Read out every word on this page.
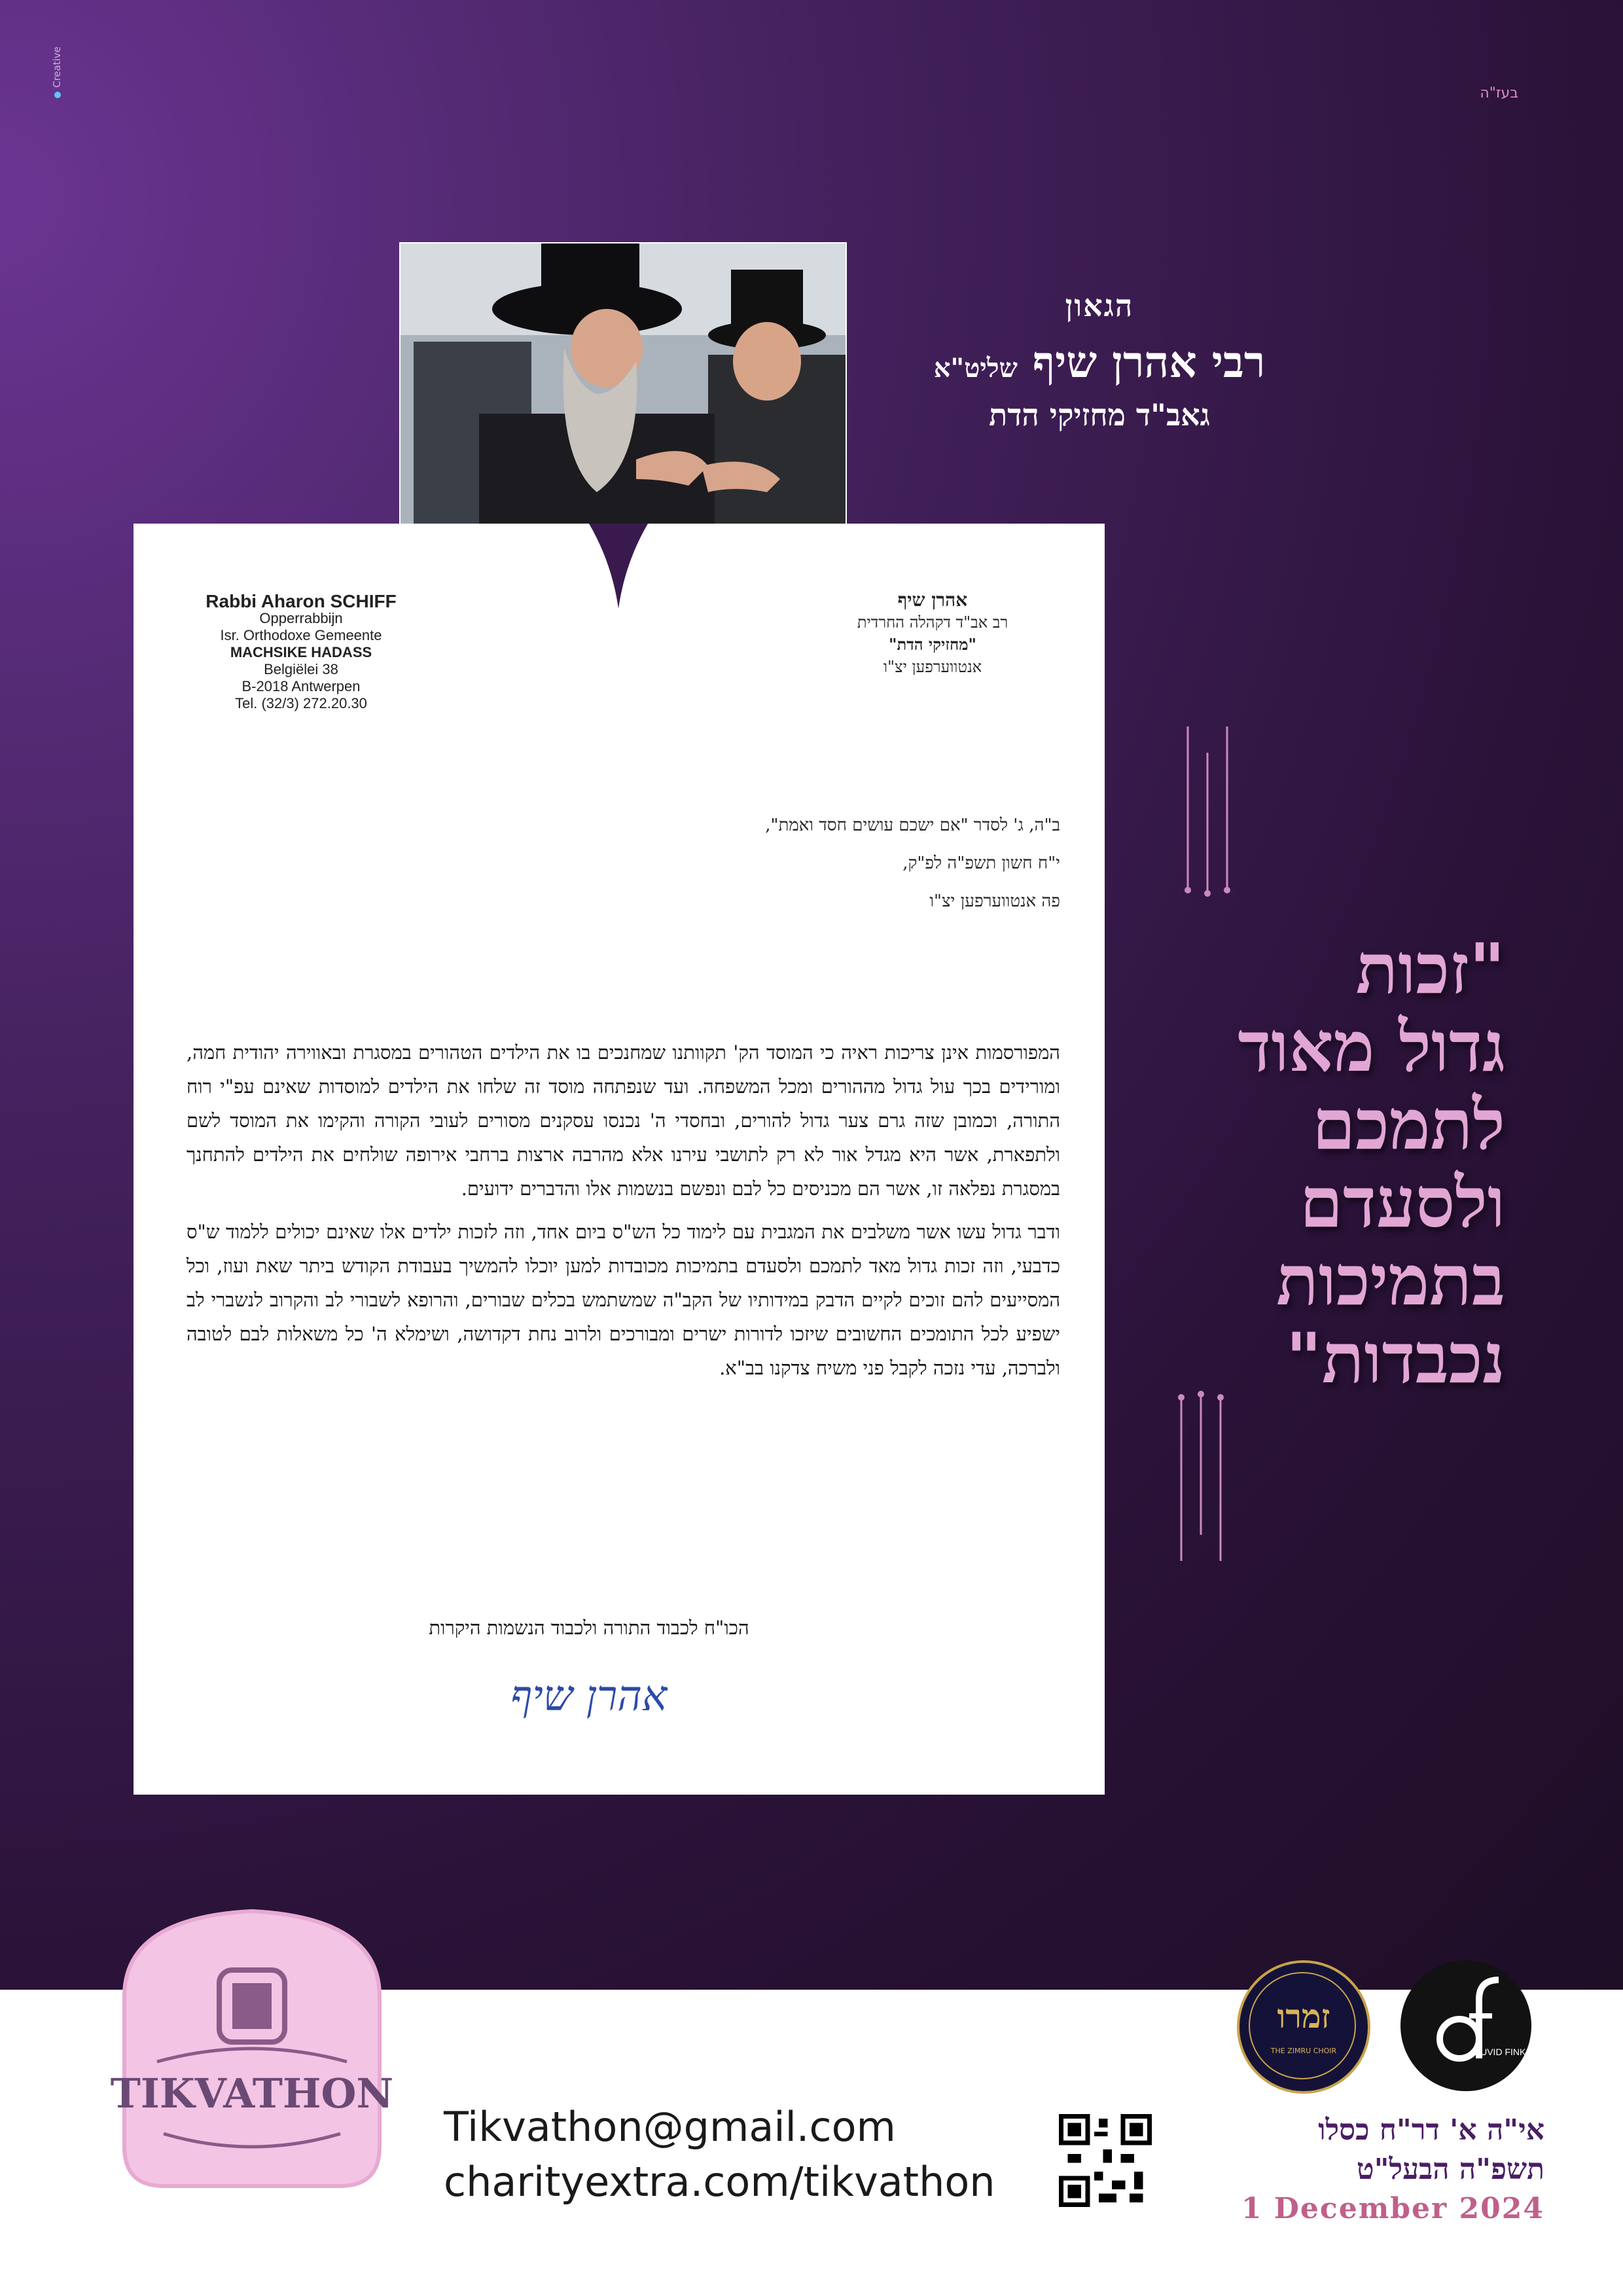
בעז"ה
Creative
הגאון
רבי אהרן שיף שליט"א
גאב"ד מחזיקי הדת
Rabbi Aharon SCHIFF
Opperrabbijn
Isr. Orthodoxe Gemeente
MACHSIKE HADASS
Belgiëlei 38
B-2018 Antwerpen
Tel. (32/3) 272.20.30
אהרן שיף
רב אב"ד דקהלה החרדית
"מחזיקי הדת"
אנטווערפען יצ"ו
ב"ה, ג' לסדר "אם ישכם עושים חסד ואמת",
י"ח חשון תשפ"ה לפ"ק,
פה אנטווערפען יצ"ו

המפורסמות אינן צריכות ראיה כי המוסד הק' תקוותנו שמחנכים בו את הילדים הטהורים במסגרת ובאווירה יהודית חמה, ומורידים בכך עול גדול מההורים ומכל המשפחה. ועד שנפתחה מוסד זה שלחו את הילדים למוסדות שאינם עפ"י רוח התורה, וכמובן שזה גרם צער גדול להורים, ובחסדי ה' נכנסו עסקנים מסורים לעובי הקורה והקימו את המוסד לשם ולתפארת, אשר היא מגדל אור לא רק לתושבי עירנו אלא מהרבה ארצות ברחבי אירופה שולחים את הילדים להתחנך במסגרת נפלאה זו, אשר הם מכניסים כל לבם ונפשם בנשמות אלו והדברים ידועים.

ודבר גדול עשו אשר משלבים את המגבית עם לימוד כל הש"ס ביום אחד, וזה לזכות ילדים אלו שאינם יכולים ללמוד ש"ס כדבעי, וזה זכות גדול מאד לתמכם ולסעדם בתמיכות מכובדות למען יוכלו להמשיך בעבודת הקודש ביתר שאת ועוז, וכל המסייעים להם זוכים לקיים הדבק במידותיו של הקב"ה שמשתמש בכלים שבורים, והרופא לשבורי לב והקרוב לנשברי לב ישפיע לכל התומכים החשובים שיזכו לדורות ישרים ומבורכים ולרוב נחת דקדושה, ושימלא ה' כל משאלות לבם לטובה ולברכה, עדי נזכה לקבל פני משיח צדקנו בב"א.

הכו"ח לכבוד התורה ולכבוד הנשמות היקרות
אהרן שיף
"זכות
גדול מאוד
לתמכם
ולסעדם
בתמיכות
נכבדות"
TIKVATHON
Tikvathon@gmail.com
charityextra.com/tikvathon
זמרו
THE ZIMRU CHOIR	DUVID FINK
אי"ה א' דר"ח כסלו
תשפ"ה הבעל"ט
1 December 2024
